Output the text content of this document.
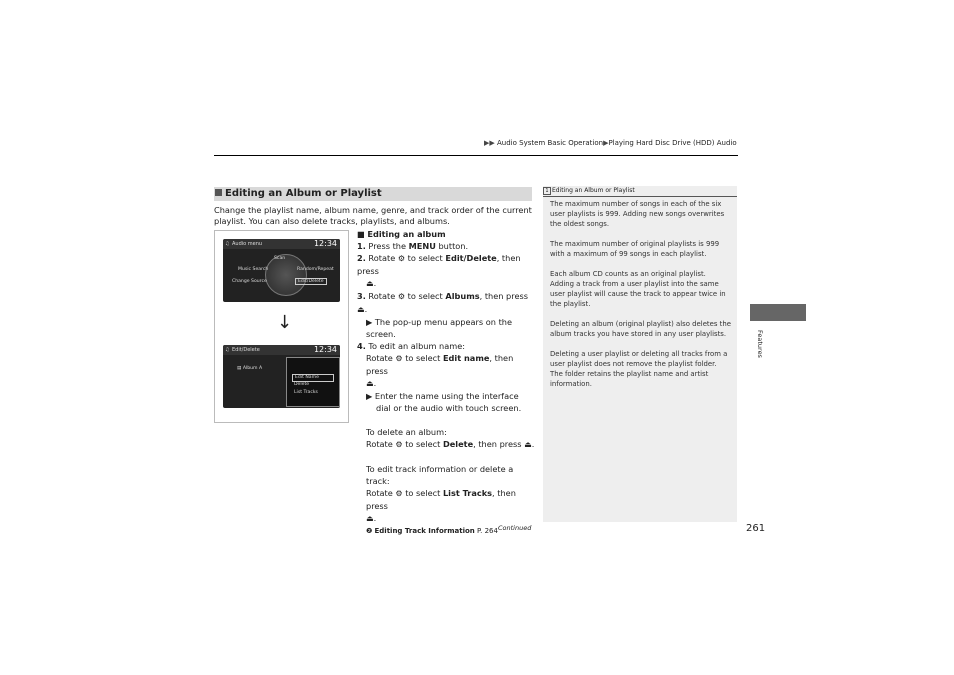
▶▶ Audio System Basic Operation▶Playing Hard Disc Drive (HDD) Audio
Editing an Album or Playlist
Change the playlist name, album name, genre, and track order of the current playlist. You can also delete tracks, playlists, and albums.
♫ Audio menu	12:34
Scan
Music Search	Random/Repeat
Change Source	Edit/Delete
↓
♫ Edit/Delete	12:34
▤ Album A
Edit Name
Delete
List Tracks
■ Editing an album
1. Press the MENU button.
2. Rotate ⚙ to select Edit/Delete, then press
⏏.
3. Rotate ⚙ to select Albums, then press ⏏.
▶ The pop-up menu appears on the screen.
4. To edit an album name:
Rotate ⚙ to select Edit name, then press
⏏.
▶ Enter the name using the interface dial or the audio with touch screen.
To delete an album:
Rotate ⚙ to select Delete, then press ⏏.
To edit track information or delete a track:
Rotate ⚙ to select List Tracks, then press
⏏.
❷ Editing Track Information P. 264
1 Editing an Album or Playlist

The maximum number of songs in each of the six user playlists is 999. Adding new songs overwrites the oldest songs.

The maximum number of original playlists is 999 with a maximum of 99 songs in each playlist.

Each album CD counts as an original playlist. Adding a track from a user playlist into the same user playlist will cause the track to appear twice in the playlist.

Deleting an album (original playlist) also deletes the album tracks you have stored in any user playlists.

Deleting a user playlist or deleting all tracks from a user playlist does not remove the playlist folder.

The folder retains the playlist name and artist information.

Features
Continued	261
